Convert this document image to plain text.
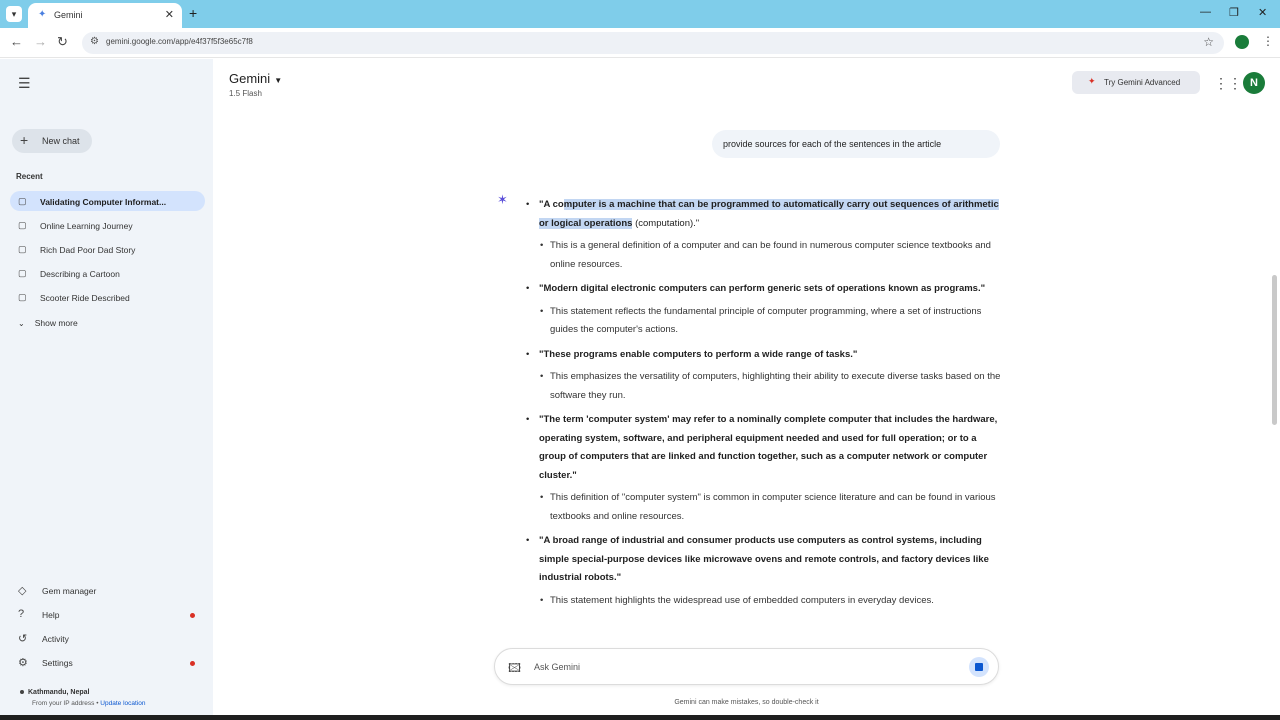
▾	✦ Gemini	✕ +	— ❐ ✕
← → ↻ ⚙ gemini.google.com/app/e4f37f5f3e65c7f8	☆	⋮
☰
+ New chat
Recent
▢ Validating Computer Informat...
▢ Online Learning Journey
▢ Rich Dad Poor Dad Story
▢ Describing a Cartoon
▢ Scooter Ride Described
⌄ Show more
◇ Gem manager
? Help
↺ Activity
⚙ Settings
Kathmandu, Nepal
From your IP address • Update location
Gemini ▼
1.5 Flash
✦ Try Gemini Advanced ⋮⋮ N
provide sources for each of the sentences in the article
✶
•	"A computer is a machine that can be programmed to automatically carry out sequences of arithmetic or logical operations (computation)."
• This is a general definition of a computer and can be found in numerous computer science textbooks and online resources.
• "Modern digital electronic computers can perform generic sets of operations known as programs."
• This statement reflects the fundamental principle of computer programming, where a set of instructions guides the computer's actions.
• "These programs enable computers to perform a wide range of tasks."
• This emphasizes the versatility of computers, highlighting their ability to execute diverse tasks based on the software they run.
• "The term 'computer system' may refer to a nominally complete computer that includes the hardware, operating system, software, and peripheral equipment needed and used for full operation; or to a group of computers that are linked and function together, such as a computer network or computer cluster."
• This definition of "computer system" is common in computer science literature and can be found in various textbooks and online resources.
• "A broad range of industrial and consumer products use computers as control systems, including simple special-purpose devices like microwave ovens and remote controls, and factory devices like industrial robots."
• This statement highlights the widespread use of embedded computers in everyday devices.
🖾 Ask Gemini
Gemini can make mistakes, so double-check it
